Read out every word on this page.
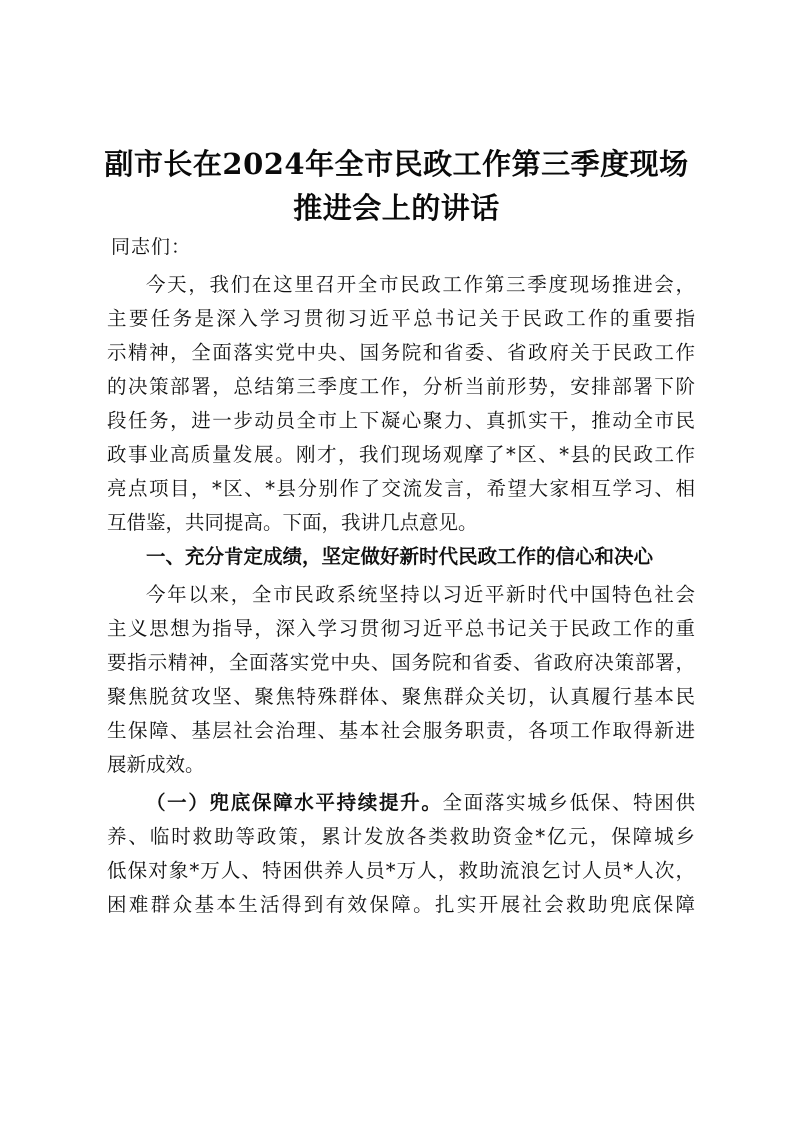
副市长在2024年全市民政工作第三季度现场
推进会上的讲话
同志们：
今天，我们在这里召开全市民政工作第三季度现场推进会，
主要任务是深入学习贯彻习近平总书记关于民政工作的重要指
示精神，全面落实党中央、国务院和省委、省政府关于民政工作
的决策部署，总结第三季度工作，分析当前形势，安排部署下阶
段任务，进一步动员全市上下凝心聚力、真抓实干，推动全市民
政事业高质量发展。刚才，我们现场观摩了*区、*县的民政工作
亮点项目，*区、*县分别作了交流发言，希望大家相互学习、相
互借鉴，共同提高。下面，我讲几点意见。
一、充分肯定成绩，坚定做好新时代民政工作的信心和决心
今年以来，全市民政系统坚持以习近平新时代中国特色社会
主义思想为指导，深入学习贯彻习近平总书记关于民政工作的重
要指示精神，全面落实党中央、国务院和省委、省政府决策部署，
聚焦脱贫攻坚、聚焦特殊群体、聚焦群众关切，认真履行基本民
生保障、基层社会治理、基本社会服务职责，各项工作取得新进
展新成效。
（一）兜底保障水平持续提升。全面落实城乡低保、特困供
养、临时救助等政策，累计发放各类救助资金*亿元，保障城乡
低保对象*万人、特困供养人员*万人，救助流浪乞讨人员*人次，
困难群众基本生活得到有效保障。扎实开展社会救助兜底保障
